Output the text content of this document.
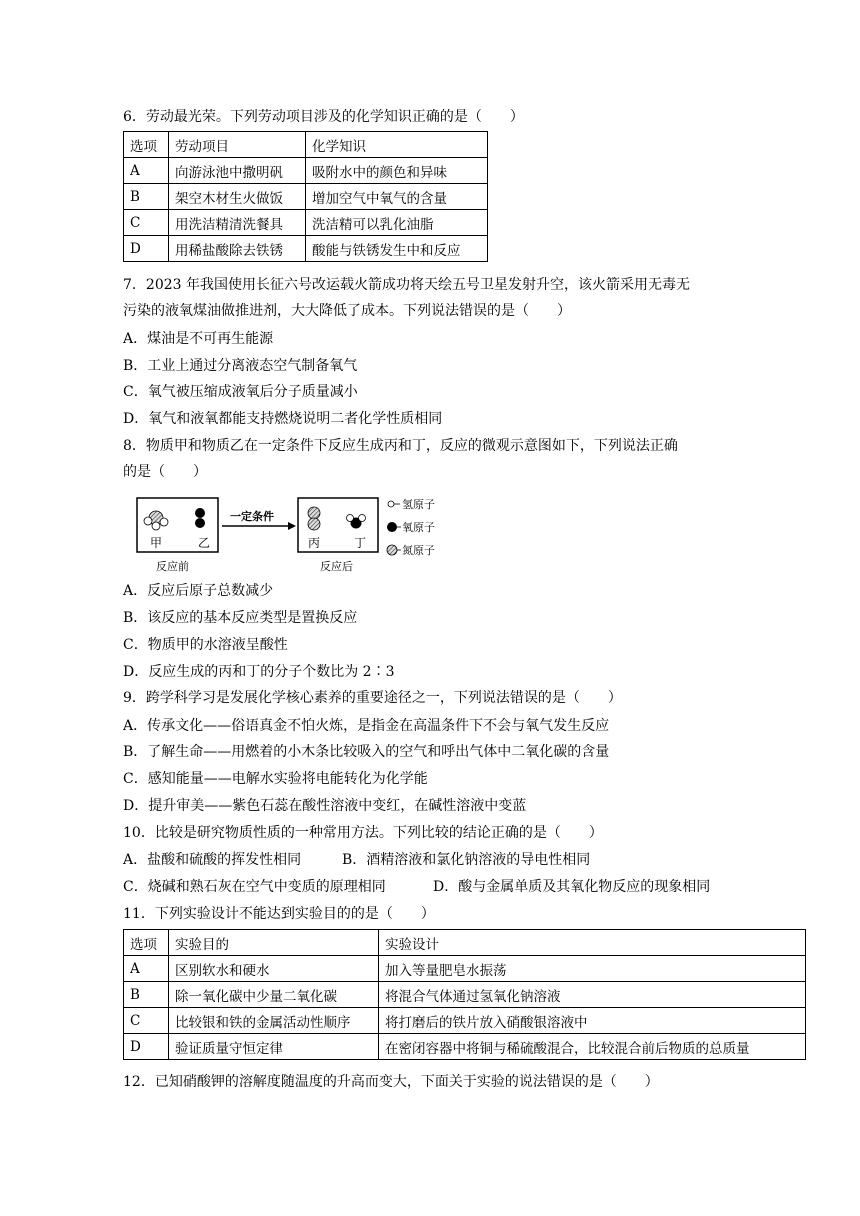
6．劳动最光荣。下列劳动项目涉及的化学知识正确的是（　　）
选项	劳动项目	化学知识
A	向游泳池中撒明矾	吸附水中的颜色和异味
B	架空木材生火做饭	增加空气中氧气的含量
C	用洗洁精清洗餐具	洗洁精可以乳化油脂
D	用稀盐酸除去铁锈	酸能与铁锈发生中和反应
7．2023 年我国使用长征六号改运载火箭成功将天绘五号卫星发射升空，该火箭采用无毒无
污染的液氧煤油做推进剂，大大降低了成本。下列说法错误的是（　　）
A．煤油是不可再生能源
B．工业上通过分离液态空气制备氧气
C．氧气被压缩成液氧后分子质量减小
D．氧气和液氧都能支持燃烧说明二者化学性质相同
8．物质甲和物质乙在一定条件下反应生成丙和丁，反应的微观示意图如下，下列说法正确
的是（　　）
甲	乙
一定条件
丙	丁
反应前	反应后
氢原子
氧原子
氮原子
A．反应后原子总数减少
B．该反应的基本反应类型是置换反应
C．物质甲的水溶液呈酸性
D．反应生成的丙和丁的分子个数比为 2∶3
9．跨学科学习是发展化学核心素养的重要途径之一，下列说法错误的是（　　）
A．传承文化——俗语真金不怕火炼，是指金在高温条件下不会与氧气发生反应
B．了解生命——用燃着的小木条比较吸入的空气和呼出气体中二氧化碳的含量
C．感知能量——电解水实验将电能转化为化学能
D．提升审美——紫色石蕊在酸性溶液中变红，在碱性溶液中变蓝
10．比较是研究物质性质的一种常用方法。下列比较的结论正确的是（　　）
A．盐酸和硫酸的挥发性相同	B．酒精溶液和氯化钠溶液的导电性相同
C．烧碱和熟石灰在空气中变质的原理相同	D．酸与金属单质及其氧化物反应的现象相同
11．下列实验设计不能达到实验目的的是（　　）
选项	实验目的	实验设计
A	区别软水和硬水	加入等量肥皂水振荡
B	除一氧化碳中少量二氧化碳	将混合气体通过氢氧化钠溶液
C	比较银和铁的金属活动性顺序	将打磨后的铁片放入硝酸银溶液中
D	验证质量守恒定律	在密闭容器中将铜与稀硫酸混合，比较混合前后物质的总质量
12．已知硝酸钾的溶解度随温度的升高而变大，下面关于实验的说法错误的是（　　）
